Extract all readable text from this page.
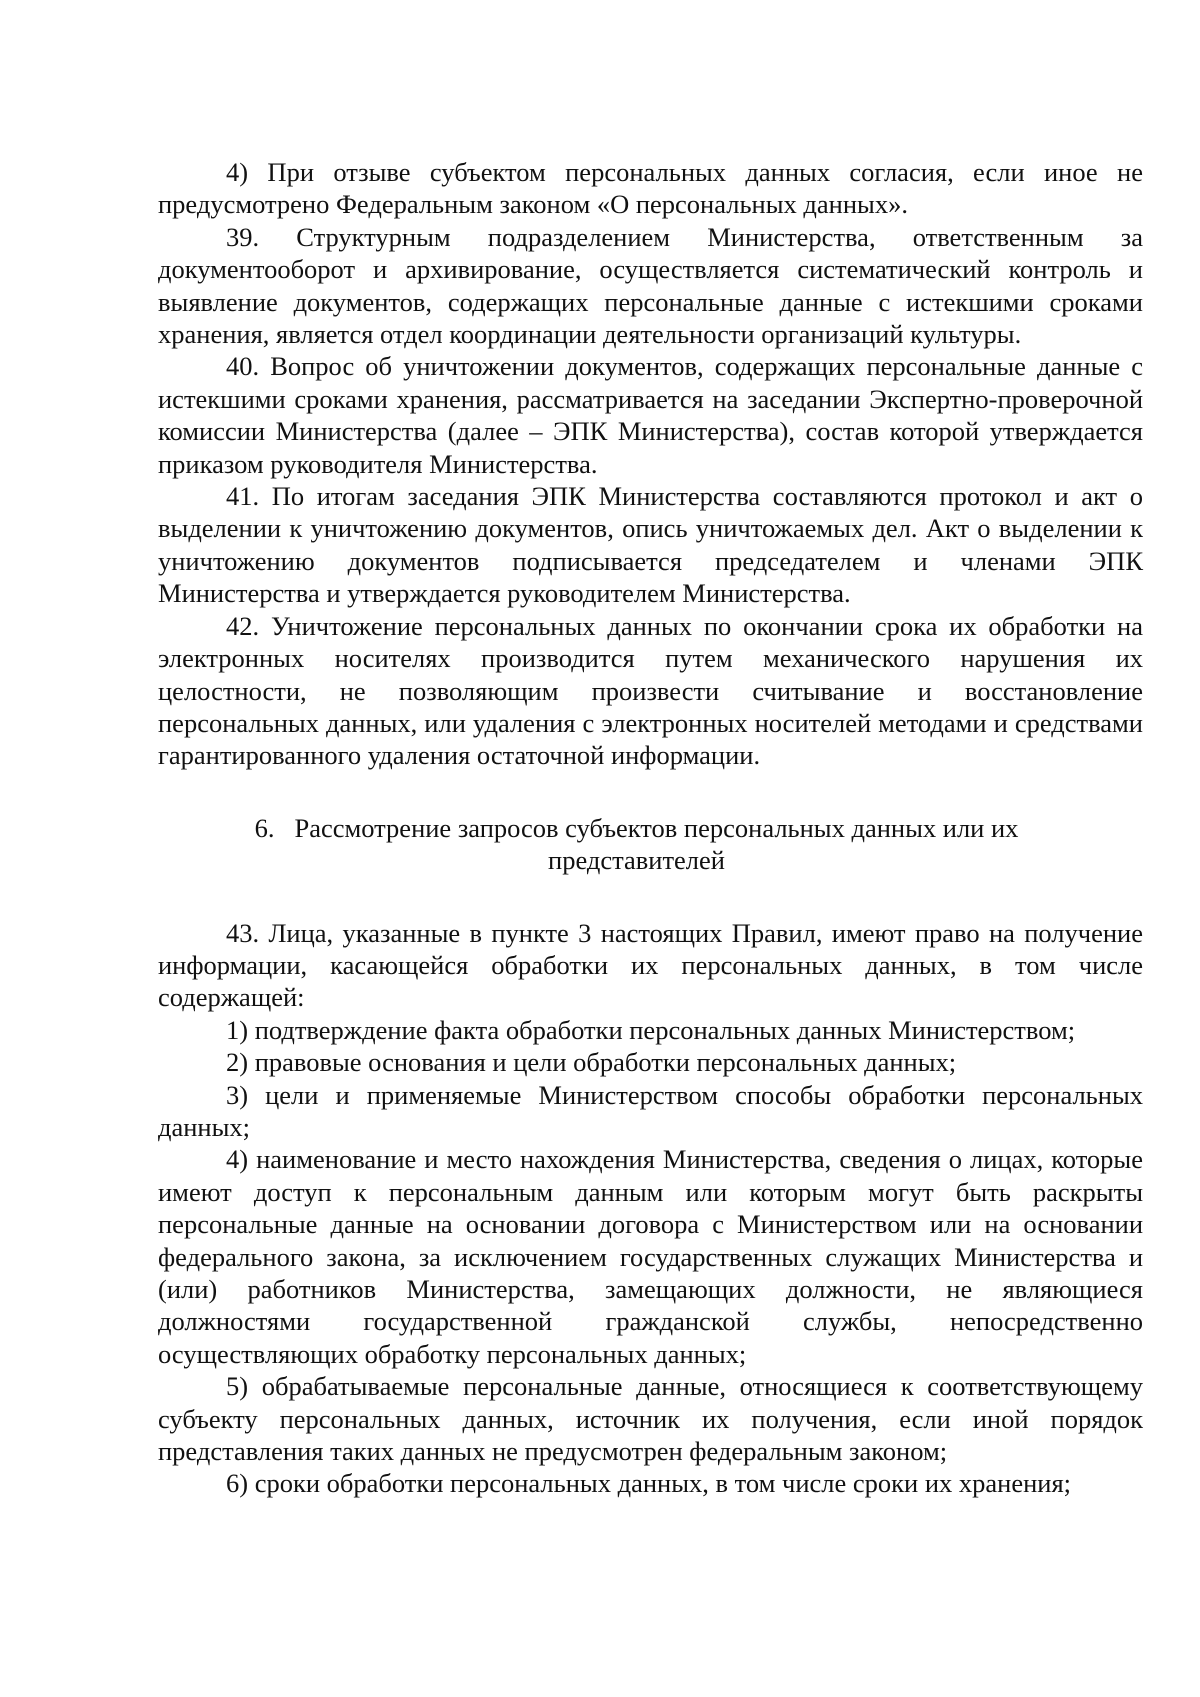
4) При отзыве субъектом персональных данных согласия, если иное не предусмотрено Федеральным законом «О персональных данных».

39. Структурным подразделением Министерства, ответственным за документооборот и архивирование, осуществляется систематический контроль и выявление документов, содержащих персональные данные с истекшими сроками хранения, является отдел координации деятельности организаций культуры.

40. Вопрос об уничтожении документов, содержащих персональные данные с истекшими сроками хранения, рассматривается на заседании Экспертно-проверочной комиссии Министерства (далее – ЭПК Министерства), состав которой утверждается приказом руководителя Министерства.

41. По итогам заседания ЭПК Министерства составляются протокол и акт о выделении к уничтожению документов, опись уничтожаемых дел. Акт о выделении к уничтожению документов подписывается председателем и членами ЭПК Министерства и утверждается руководителем Министерства.

42. Уничтожение персональных данных по окончании срока их обработки на электронных носителях производится путем механического нарушения их целостности, не позволяющим произвести считывание и восстановление персональных данных, или удаления с электронных носителей методами и средствами гарантированного удаления остаточной информации.

6. Рассмотрение запросов субъектов персональных данных или их представителей

43. Лица, указанные в пункте 3 настоящих Правил, имеют право на получение информации, касающейся обработки их персональных данных, в том числе содержащей:

1) подтверждение факта обработки персональных данных Министерством;

2) правовые основания и цели обработки персональных данных;

3) цели и применяемые Министерством способы обработки персональных данных;

4) наименование и место нахождения Министерства, сведения о лицах, которые имеют доступ к персональным данным или которым могут быть раскрыты персональные данные на основании договора с Министерством или на основании федерального закона, за исключением государственных служащих Министерства и (или) работников Министерства, замещающих должности, не являющиеся должностями государственной гражданской службы, непосредственно осуществляющих обработку персональных данных;

5) обрабатываемые персональные данные, относящиеся к соответствующему субъекту персональных данных, источник их получения, если иной порядок представления таких данных не предусмотрен федеральным законом;

6) сроки обработки персональных данных, в том числе сроки их хранения;
